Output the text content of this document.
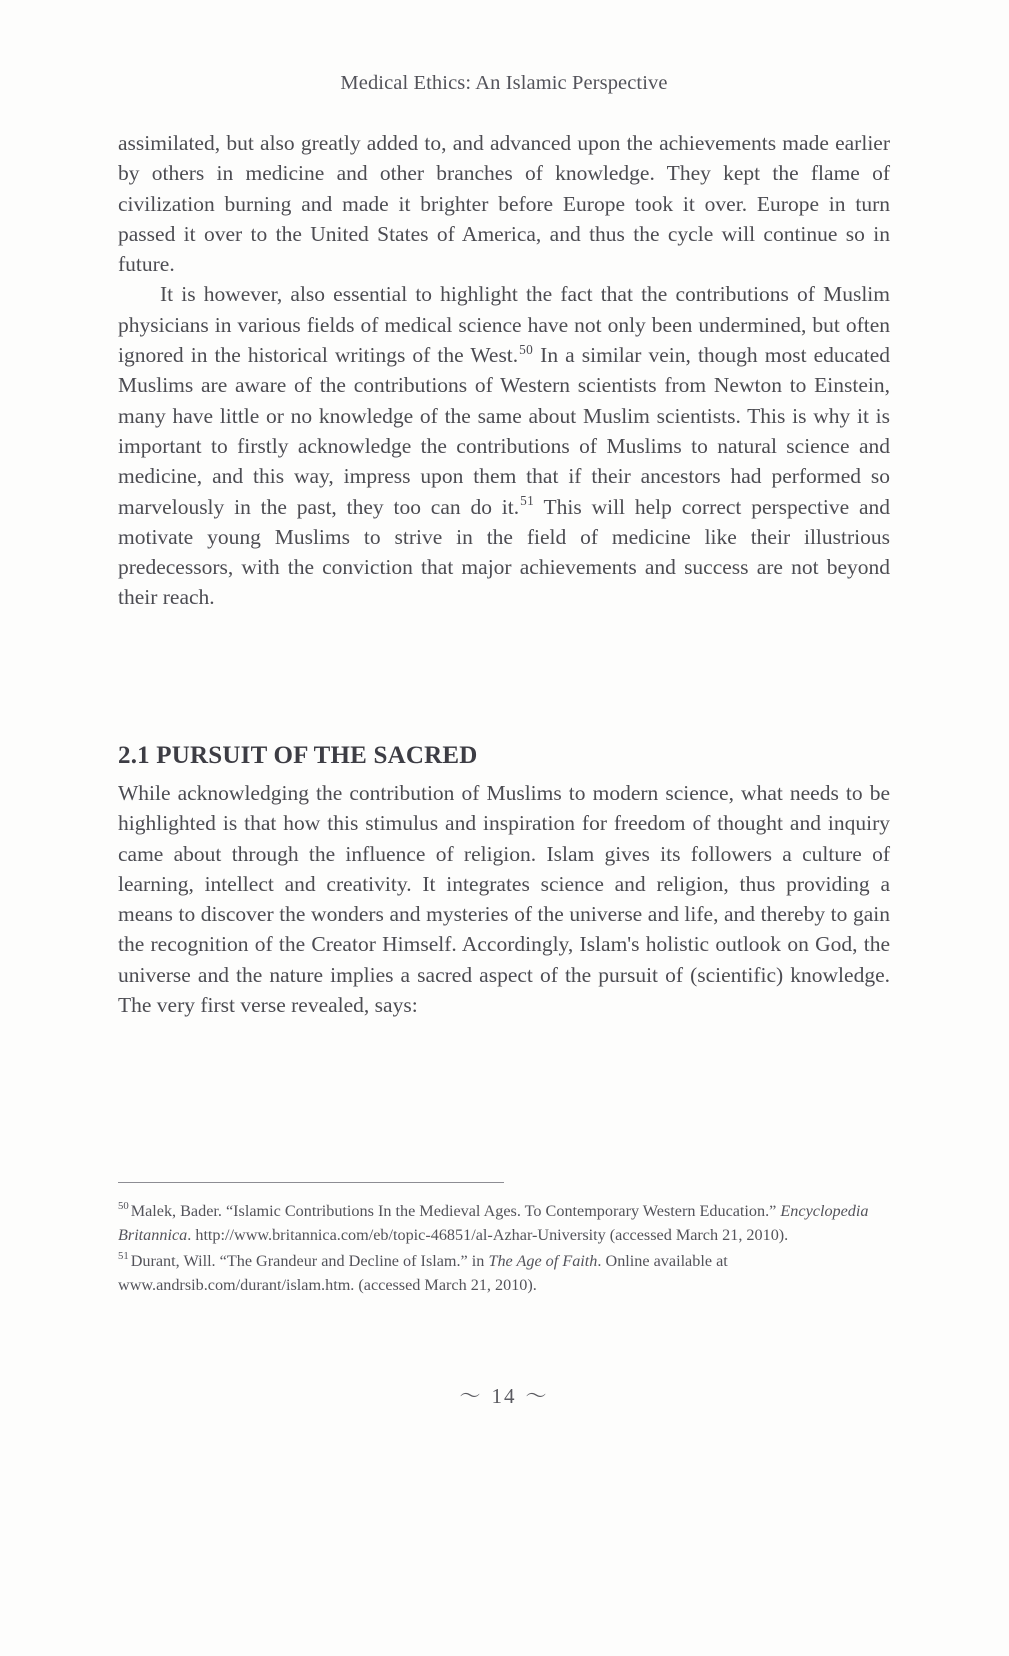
Medical Ethics: An Islamic Perspective

assimilated, but also greatly added to, and advanced upon the achievements made earlier by others in medicine and other branches of knowledge. They kept the flame of civilization burning and made it brighter before Europe took it over. Europe in turn passed it over to the United States of America, and thus the cycle will continue so in future.

It is however, also essential to highlight the fact that the contributions of Muslim physicians in various fields of medical science have not only been undermined, but often ignored in the historical writings of the West.$^{50}$ In a similar vein, though most educated Muslims are aware of the contributions of Western scientists from Newton to Einstein, many have little or no knowledge of the same about Muslim scientists. This is why it is important to firstly acknowledge the contributions of Muslims to natural science and medicine, and this way, impress upon them that if their ancestors had performed so marvelously in the past, they too can do it.$^{51}$ This will help correct perspective and motivate young Muslims to strive in the field of medicine like their illustrious predecessors, with the conviction that major achievements and success are not beyond their reach.

2.1 PURSUIT OF THE SACRED

While acknowledging the contribution of Muslims to modern science, what needs to be highlighted is that how this stimulus and inspiration for freedom of thought and inquiry came about through the influence of religion. Islam gives its followers a culture of learning, intellect and creativity. It integrates science and religion, thus providing a means to discover the wonders and mysteries of the universe and life, and thereby to gain the recognition of the Creator Himself. Accordingly, Islam's holistic outlook on God, the universe and the nature implies a sacred aspect of the pursuit of (scientific) knowledge. The very first verse revealed, says:

$^{50}$ Malek, Bader. “Islamic Contributions In the Medieval Ages. To Contemporary Western Education.” Encyclopedia Britannica. http://www.britannica.com/eb/topic-46851/al-Azhar-University (accessed March 21, 2010).

$^{51}$ Durant, Will. “The Grandeur and Decline of Islam.” in The Age of Faith. Online available at www.andrsib.com/durant/islam.htm. (accessed March 21, 2010).

～ 14 ～
